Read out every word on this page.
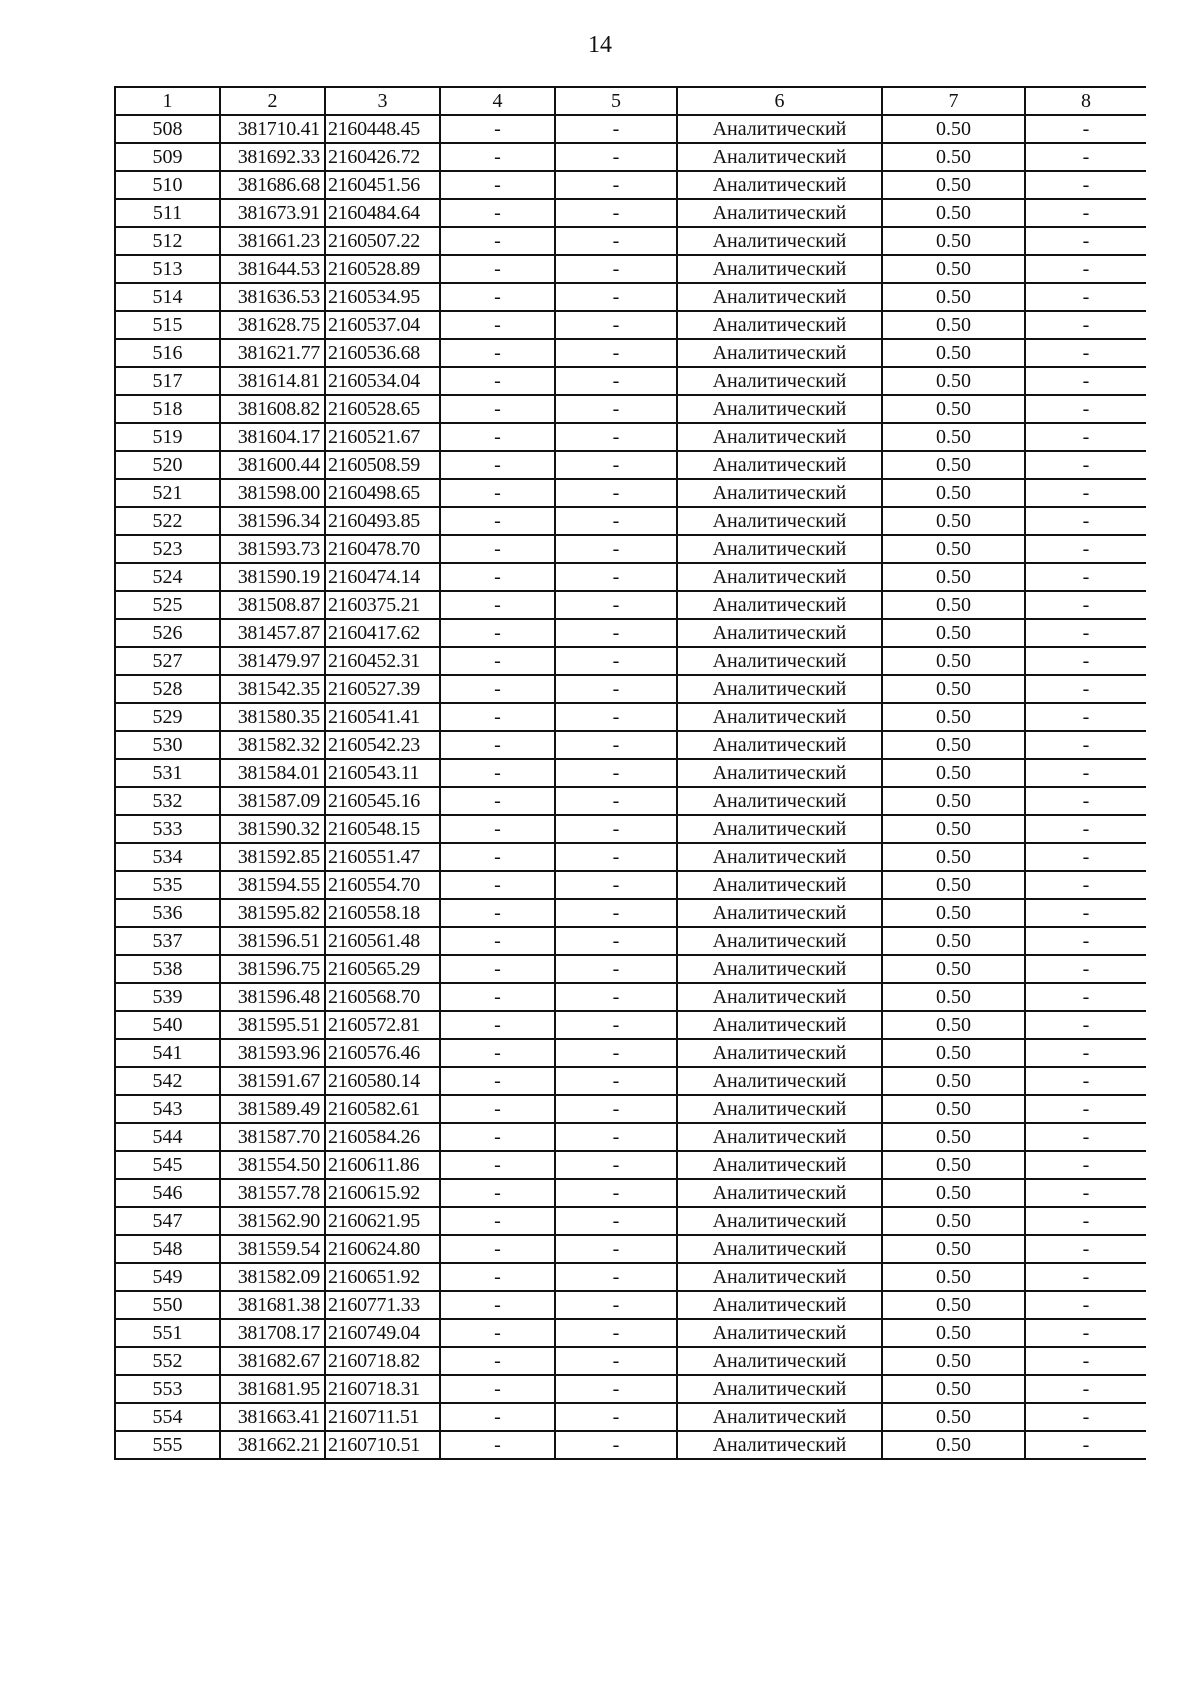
14
1	2	3	4	5	6	7	8
508	381710.41	2160448.45	-	-	Аналитический	0.50	-
509	381692.33	2160426.72	-	-	Аналитический	0.50	-
510	381686.68	2160451.56	-	-	Аналитический	0.50	-
511	381673.91	2160484.64	-	-	Аналитический	0.50	-
512	381661.23	2160507.22	-	-	Аналитический	0.50	-
513	381644.53	2160528.89	-	-	Аналитический	0.50	-
514	381636.53	2160534.95	-	-	Аналитический	0.50	-
515	381628.75	2160537.04	-	-	Аналитический	0.50	-
516	381621.77	2160536.68	-	-	Аналитический	0.50	-
517	381614.81	2160534.04	-	-	Аналитический	0.50	-
518	381608.82	2160528.65	-	-	Аналитический	0.50	-
519	381604.17	2160521.67	-	-	Аналитический	0.50	-
520	381600.44	2160508.59	-	-	Аналитический	0.50	-
521	381598.00	2160498.65	-	-	Аналитический	0.50	-
522	381596.34	2160493.85	-	-	Аналитический	0.50	-
523	381593.73	2160478.70	-	-	Аналитический	0.50	-
524	381590.19	2160474.14	-	-	Аналитический	0.50	-
525	381508.87	2160375.21	-	-	Аналитический	0.50	-
526	381457.87	2160417.62	-	-	Аналитический	0.50	-
527	381479.97	2160452.31	-	-	Аналитический	0.50	-
528	381542.35	2160527.39	-	-	Аналитический	0.50	-
529	381580.35	2160541.41	-	-	Аналитический	0.50	-
530	381582.32	2160542.23	-	-	Аналитический	0.50	-
531	381584.01	2160543.11	-	-	Аналитический	0.50	-
532	381587.09	2160545.16	-	-	Аналитический	0.50	-
533	381590.32	2160548.15	-	-	Аналитический	0.50	-
534	381592.85	2160551.47	-	-	Аналитический	0.50	-
535	381594.55	2160554.70	-	-	Аналитический	0.50	-
536	381595.82	2160558.18	-	-	Аналитический	0.50	-
537	381596.51	2160561.48	-	-	Аналитический	0.50	-
538	381596.75	2160565.29	-	-	Аналитический	0.50	-
539	381596.48	2160568.70	-	-	Аналитический	0.50	-
540	381595.51	2160572.81	-	-	Аналитический	0.50	-
541	381593.96	2160576.46	-	-	Аналитический	0.50	-
542	381591.67	2160580.14	-	-	Аналитический	0.50	-
543	381589.49	2160582.61	-	-	Аналитический	0.50	-
544	381587.70	2160584.26	-	-	Аналитический	0.50	-
545	381554.50	2160611.86	-	-	Аналитический	0.50	-
546	381557.78	2160615.92	-	-	Аналитический	0.50	-
547	381562.90	2160621.95	-	-	Аналитический	0.50	-
548	381559.54	2160624.80	-	-	Аналитический	0.50	-
549	381582.09	2160651.92	-	-	Аналитический	0.50	-
550	381681.38	2160771.33	-	-	Аналитический	0.50	-
551	381708.17	2160749.04	-	-	Аналитический	0.50	-
552	381682.67	2160718.82	-	-	Аналитический	0.50	-
553	381681.95	2160718.31	-	-	Аналитический	0.50	-
554	381663.41	2160711.51	-	-	Аналитический	0.50	-
555	381662.21	2160710.51	-	-	Аналитический	0.50	-
